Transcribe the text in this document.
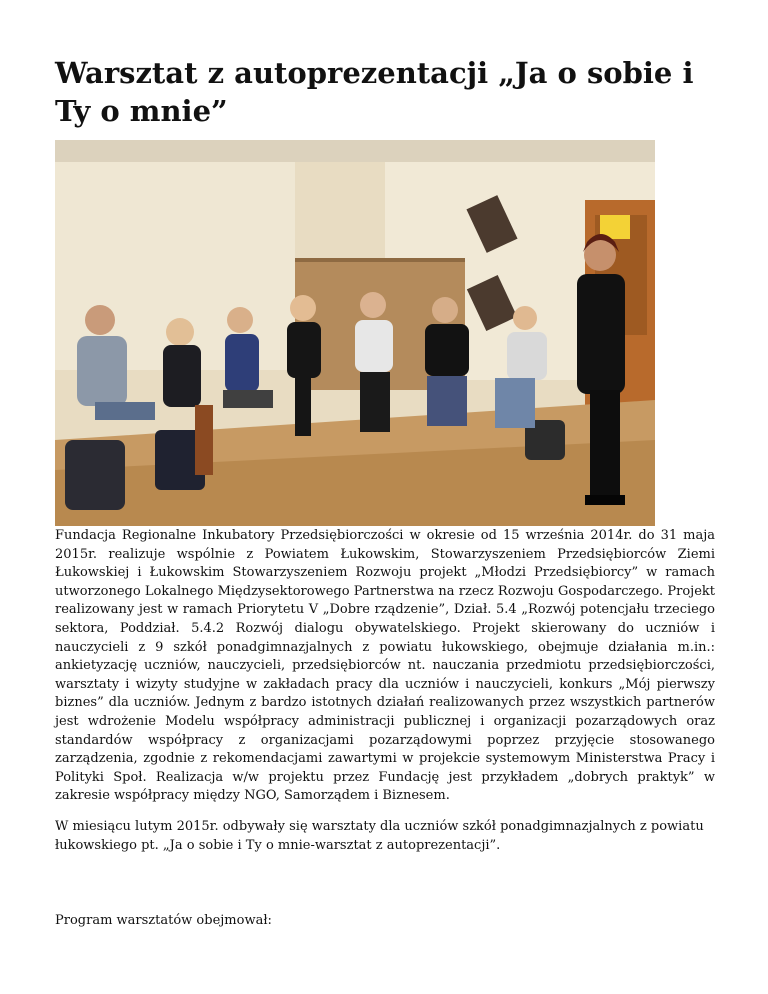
Warsztat z autoprezentacji „Ja o sobie i Ty o mnie”

Fundacja Regionalne Inkubatory Przedsiębiorczości w okresie od 15 września 2014r. do 31 maja 2015r. realizuje wspólnie z Powiatem Łukowskim, Stowarzyszeniem Przedsiębiorców Ziemi Łukowskiej i Łukowskim Stowarzyszeniem Rozwoju projekt „Młodzi Przedsiębiorcy” w ramach utworzonego Lokalnego Międzysektorowego Partnerstwa na rzecz Rozwoju Gospodarczego. Projekt realizowany jest w ramach Priorytetu V „Dobre rządzenie”, Dział. 5.4 „Rozwój potencjału trzeciego sektora, Poddział. 5.4.2 Rozwój dialogu obywatelskiego. Projekt skierowany do uczniów i nauczycieli z 9 szkół ponadgimnazjalnych z powiatu łukowskiego, obejmuje działania m.in.: ankietyzację uczniów, nauczycieli, przedsiębiorców nt. nauczania przedmiotu przedsiębiorczości, warsztaty i wizyty studyjne w zakładach pracy dla uczniów i nauczycieli, konkurs „Mój pierwszy biznes” dla uczniów. Jednym z bardzo istotnych działań realizowanych przez wszystkich partnerów jest wdrożenie Modelu współpracy administracji publicznej i organizacji pozarządowych oraz standardów współpracy z organizacjami pozarządowymi poprzez przyjęcie stosowanego zarządzenia, zgodnie z rekomendacjami zawartymi w projekcie systemowym Ministerstwa Pracy i Polityki Społ. Realizacja w/w projektu przez Fundację jest przykładem „dobrych praktyk” w zakresie współpracy między NGO, Samorządem i Biznesem.

W miesiącu lutym 2015r. odbywały się warsztaty dla uczniów szkół ponadgimnazjalnych z powiatu łukowskiego pt. „Ja o sobie i Ty o mnie-warsztat z autoprezentacji”.

Program warsztatów obejmował:
